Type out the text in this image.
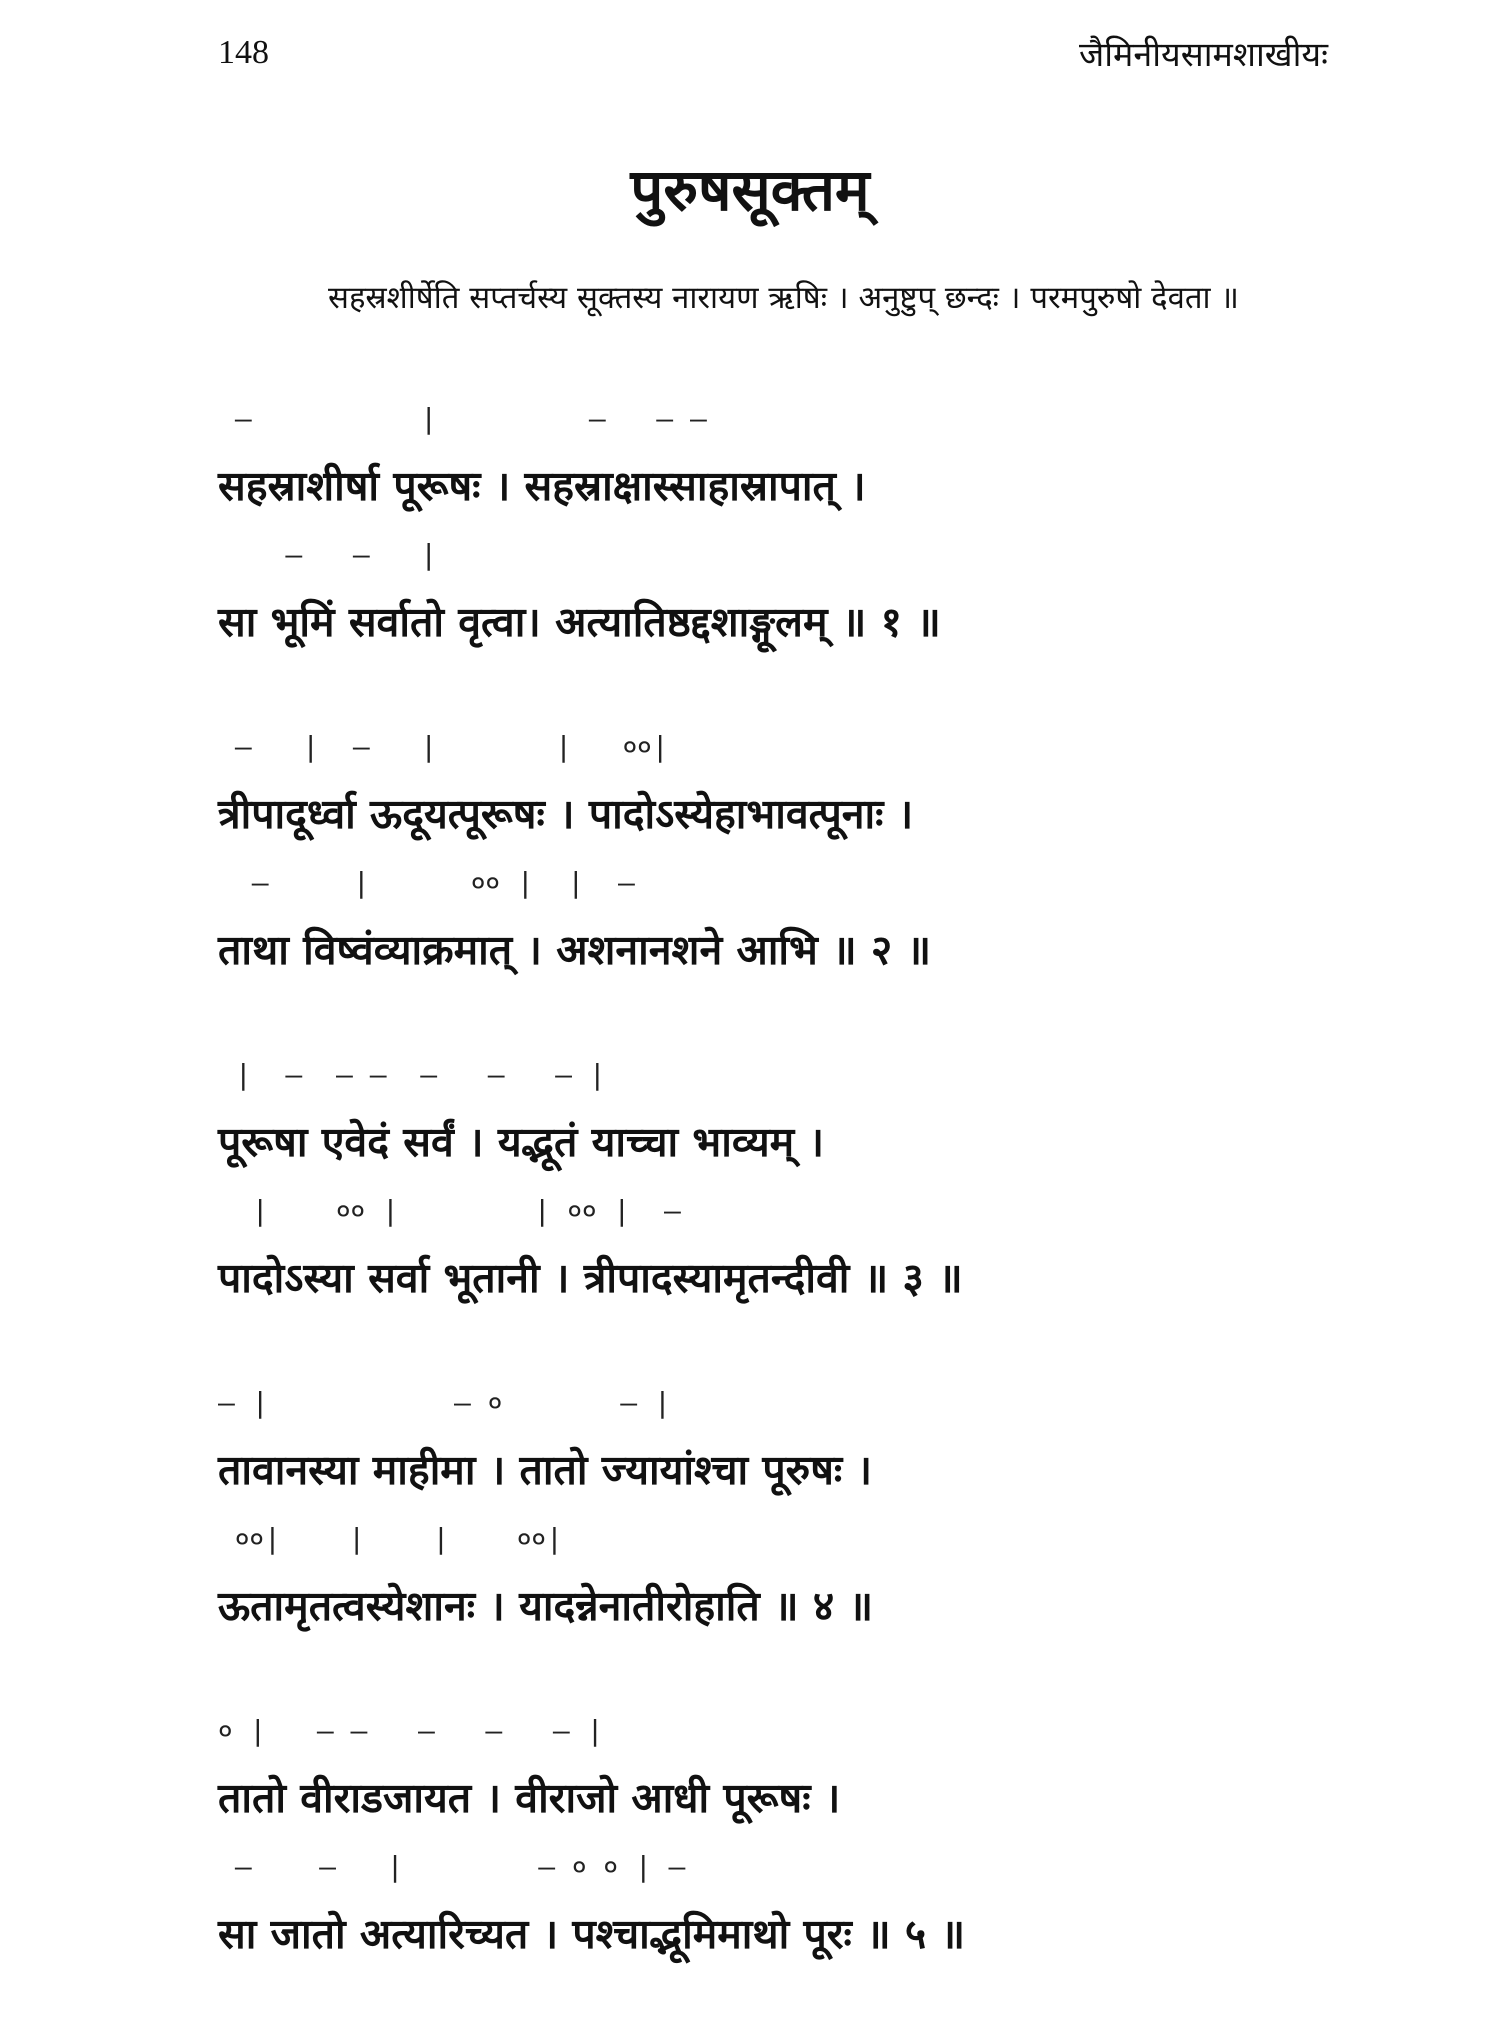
148	जैमिनीयसामशाखीयः
पुरुषसूक्तम्
सहस्रशीर्षेति सप्तर्चस्य सूक्तस्य नारायण ऋषिः । अनुष्टुप् छन्दः । परमपुरुषो देवता ॥
–          |         –   – –
सहस्राशीर्षा पूरूषः । सहस्राक्षास्साहास्रापात् ।
–   –   |
सा भूमिं सर्वातो वृत्वा। अत्यातिष्ठद्दशाङ्गूलम् ॥ १ ॥
–   |  –   |       |   ००|
त्रीपादूर्ध्वा ऊदूयत्पूरूषः । पादोऽस्येहाभावत्पूनाः ।
–     |      ०० |  |  –
ताथा विष्वंव्याक्रमात् । अशनानशने आभि ॥ २ ॥
|  –  – –  –   –   – |
पूरूषा एवेदं सर्वं । यद्भूतं याच्चा भाव्यम् ।
|    ०० |        | ०० |  –
पादोऽस्या सर्वा भूतानी । त्रीपादस्यामृतन्दीवी ॥ ३ ॥
– |           – ०       – |
तावानस्या माहीमा । तातो ज्यायांश्चा पूरुषः ।
००|    |    |    ००|
ऊतामृतत्वस्येशानः । यादन्नेनातीरोहाति ॥ ४ ॥
० |   – –   –   –   – |
तातो वीराडजायत । वीराजो आधी पूरूषः ।
–    –   |        – ० ० | –
सा जातो अत्यारिच्यत । पश्चाद्भूमिमाथो पूरः ॥ ५ ॥
